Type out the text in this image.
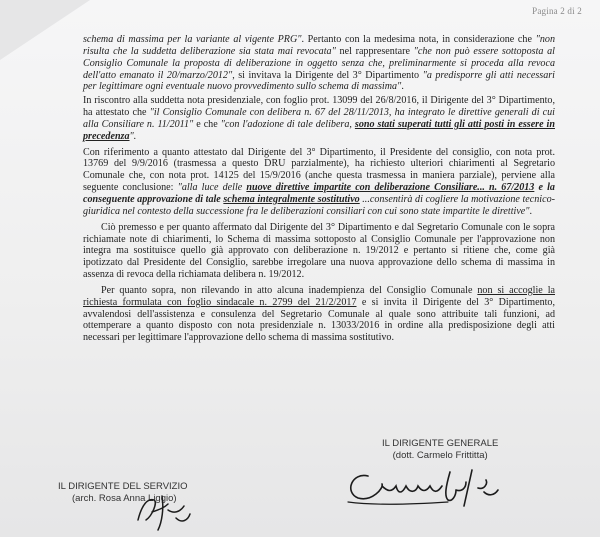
Pagina 2 di 2

schema di massima per la variante al vigente PRG". Pertanto con la medesima nota, in considerazione che "non risulta che la suddetta deliberazione sia stata mai revocata" nel rappresentare "che non può essere sottoposta al Consiglio Comunale la proposta di deliberazione in oggetto senza che, preliminarmente si proceda alla revoca dell'atto emanato il 20/marzo/2012", si invitava la Dirigente del 3° Dipartimento "a predisporre gli atti necessari per legittimare ogni eventuale nuovo provvedimento sullo schema di massima".

In riscontro alla suddetta nota presidenziale, con foglio prot. 13099 del 26/8/2016, il Dirigente del 3° Dipartimento, ha attestato che "il Consiglio Comunale con delibera n. 67 del 28/11/2013, ha integrato le direttive generali di cui alla Consiliare n. 11/2011" e che "con l'adozione di tale delibera, sono stati superati tutti gli atti posti in essere in precedenza".

Con riferimento a quanto attestato dal Dirigente del 3° Dipartimento, il Presidente del consiglio, con nota prot. 13769 del 9/9/2016 (trasmessa a questo DRU parzialmente), ha richiesto ulteriori chiarimenti al Segretario Comunale che, con nota prot. 14125 del 15/9/2016 (anche questa trasmessa in maniera parziale), perviene alla seguente conclusione: "alla luce delle nuove direttive impartite con deliberazione Consiliare... n. 67/2013 e la conseguente approvazione di tale schema integralmente sostitutivo ...consentirà di cogliere la motivazione tecnico-giuridica nel contesto della successione fra le deliberazioni consiliari con cui sono state impartite le direttive".

Ciò premesso e per quanto affermato dal Dirigente del 3° Dipartimento e dal Segretario Comunale con le sopra richiamate note di chiarimenti, lo Schema di massima sottoposto al Consiglio Comunale per l'approvazione non integra ma sostituisce quello già approvato con deliberazione n. 19/2012 e pertanto si ritiene che, come già ipotizzato dal Presidente del Consiglio, sarebbe irregolare una nuova approvazione dello schema di massima in assenza di revoca della richiamata delibera n. 19/2012.

Per quanto sopra, non rilevando in atto alcuna inadempienza del Consiglio Comunale non si accoglie la richiesta formulata con foglio sindacale n. 2799 del 21/2/2017 e si invita il Dirigente del 3° Dipartimento, avvalendosi dell'assistenza e consulenza del Segretario Comunale al quale sono attribuite tali funzioni, ad ottemperare a quanto disposto con nota presidenziale n. 13033/2016 in ordine alla predisposizione degli atti necessari per legittimare l'approvazione dello schema di massima sostitutivo.

IL DIRIGENTE GENERALE
(dott. Carmelo Frittitta)
IL DIRIGENTE DEL SERVIZIO
(arch. Rosa Anna Liggio)
